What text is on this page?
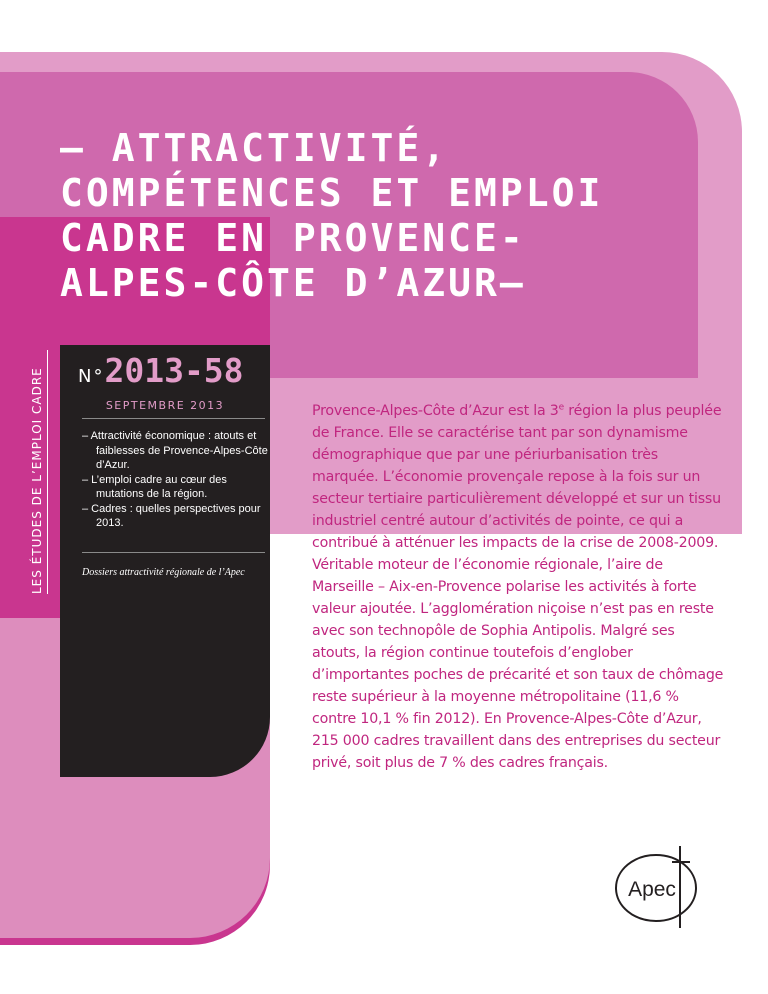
– ATTRACTIVITÉ,
COMPÉTENCES ET EMPLOI
CADRE EN PROVENCE-
ALPES-CÔTE D’AZUR–
LES ÉTUDES DE L’EMPLOI CADRE N°2013-58
SEPTEMBRE 2013
– Attractivité économique : atouts et faiblesses de Provence-Alpes-Côte d’Azur.
– L’emploi cadre au cœur des mutations de la région.
– Cadres : quelles perspectives pour 2013.
Dossiers attractivité régionale de l’Apec

Provence-Alpes-Côte d’Azur est la 3e région la plus peuplée de France. Elle se caractérise tant par son dynamisme démographique que par une périurbanisation très marquée. L’économie provençale repose à la fois sur un secteur tertiaire particulièrement développé et sur un tissu industriel centré autour d’activités de pointe, ce qui a contribué à atténuer les impacts de la crise de 2008-2009. Véritable moteur de l’économie régionale, l’aire de Marseille – Aix-en-Provence polarise les activités à forte valeur ajoutée. L’agglomération niçoise n’est pas en reste avec son technopôle de Sophia Antipolis. Malgré ses atouts, la région continue toutefois d’englober d’importantes poches de précarité et son taux de chômage reste supérieur à la moyenne métropolitaine (11,6 % contre 10,1 % fin 2012). En Provence-Alpes-Côte d’Azur, 215 000 cadres travaillent dans des entreprises du secteur privé, soit plus de 7 % des cadres français.

Apec
